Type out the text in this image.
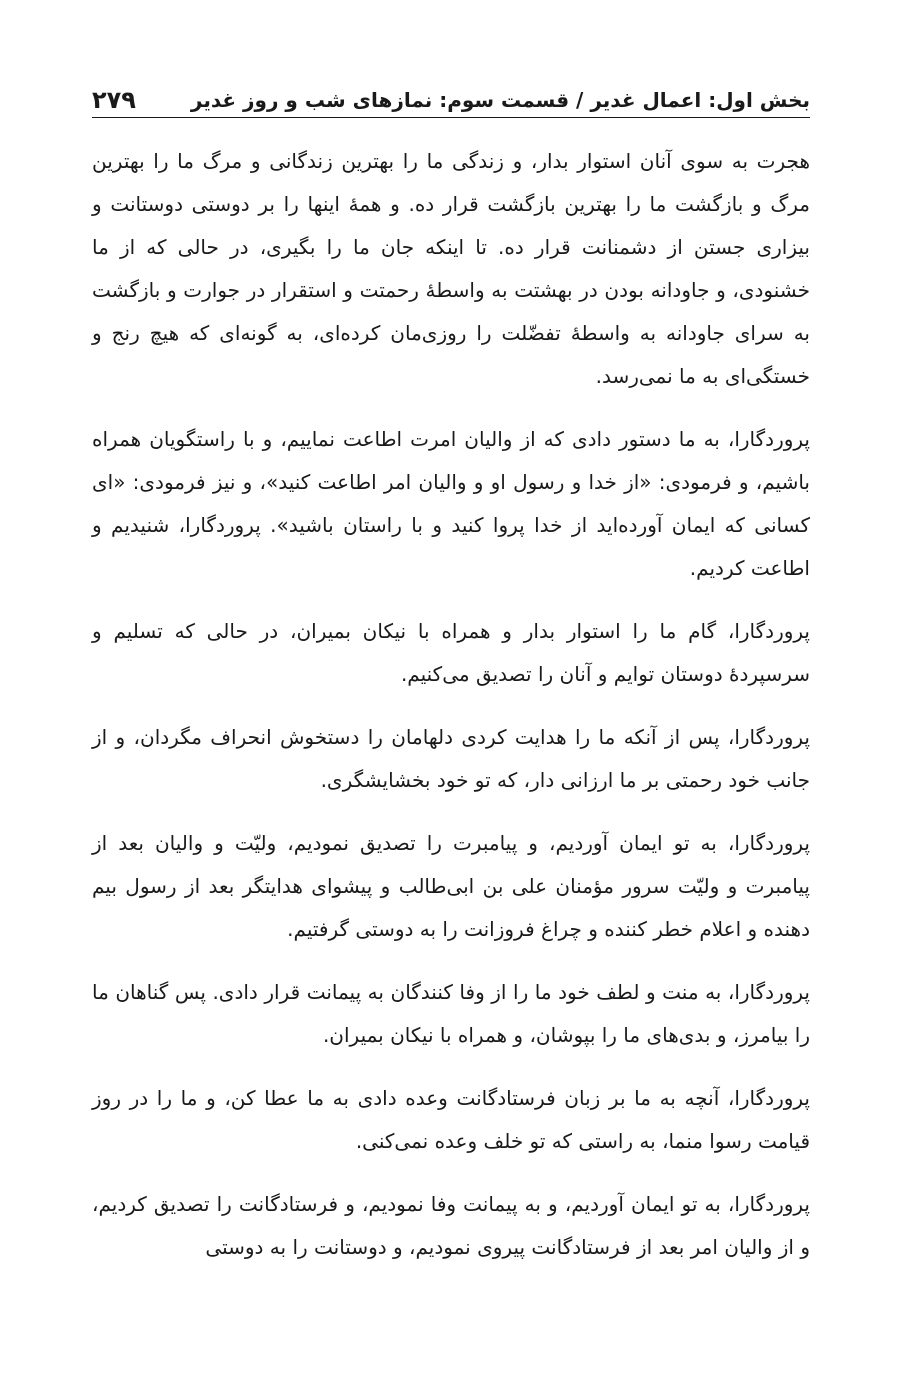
بخش اول: اعمال غدیر / قسمت سوم: نمازهای شب و روز غدیر
۲۷۹

هجرت به سوی آنان استوار بدار، و زندگی ما را بهترین زندگانی و مرگ ما را بهترین مرگ و بازگشت ما را بهترین بازگشت قرار ده. و همهٔ اینها را بر دوستی دوستانت و بیزاری جستن از دشمنانت قرار ده. تا اینکه جان ما را بگیری، در حالی که از ما خشنودی، و جاودانه بودن در بهشتت به واسطهٔ رحمتت و استقرار در جوارت و بازگشت به سرای جاودانه به واسطهٔ تفضّلت را روزی‌مان کرده‌ای، به گونه‌ای که هیچ رنج و خستگی‌ای به ما نمی‌رسد.

پروردگارا، به ما دستور دادی که از والیان امرت اطاعت نماییم، و با راستگویان همراه باشیم، و فرمودی: «از خدا و رسول او و والیان امر اطاعت کنید»، و نیز فرمودی: «ای کسانی که ایمان آورده‌اید از خدا پروا کنید و با راستان باشید». پروردگارا، شنیدیم و اطاعت کردیم.

پروردگارا، گام ما را استوار بدار و همراه با نیکان بمیران، در حالی که تسلیم و سرسپردهٔ دوستان توایم و آنان را تصدیق می‌کنیم.

پروردگارا، پس از آنکه ما را هدایت کردی دلهامان را دستخوش انحراف مگردان، و از جانب خود رحمتی بر ما ارزانی دار، که تو خود بخشایشگری.

پروردگارا، به تو ایمان آوردیم، و پیامبرت را تصدیق نمودیم، ولیّت و والیان بعد از پیامبرت و ولیّت سرور مؤمنان علی بن ابی‌طالب و پیشوای هدایتگر بعد از رسول بیم دهنده و اعلام خطر کننده و چراغ فروزانت را به دوستی گرفتیم.

پروردگارا، به منت و لطف خود ما را از وفا کنندگان به پیمانت قرار دادی. پس گناهان ما را بیامرز، و بدی‌های ما را بپوشان، و همراه با نیکان بمیران.

پروردگارا، آنچه به ما بر زبان فرستادگانت وعده دادی به ما عطا کن، و ما را در روز قیامت رسوا منما، به راستی که تو خلف وعده نمی‌کنی.

پروردگارا، به تو ایمان آوردیم، و به پیمانت وفا نمودیم، و فرستادگانت را تصدیق کردیم، و از والیان امر بعد از فرستادگانت پیروی نمودیم، و دوستانت را به دوستی
